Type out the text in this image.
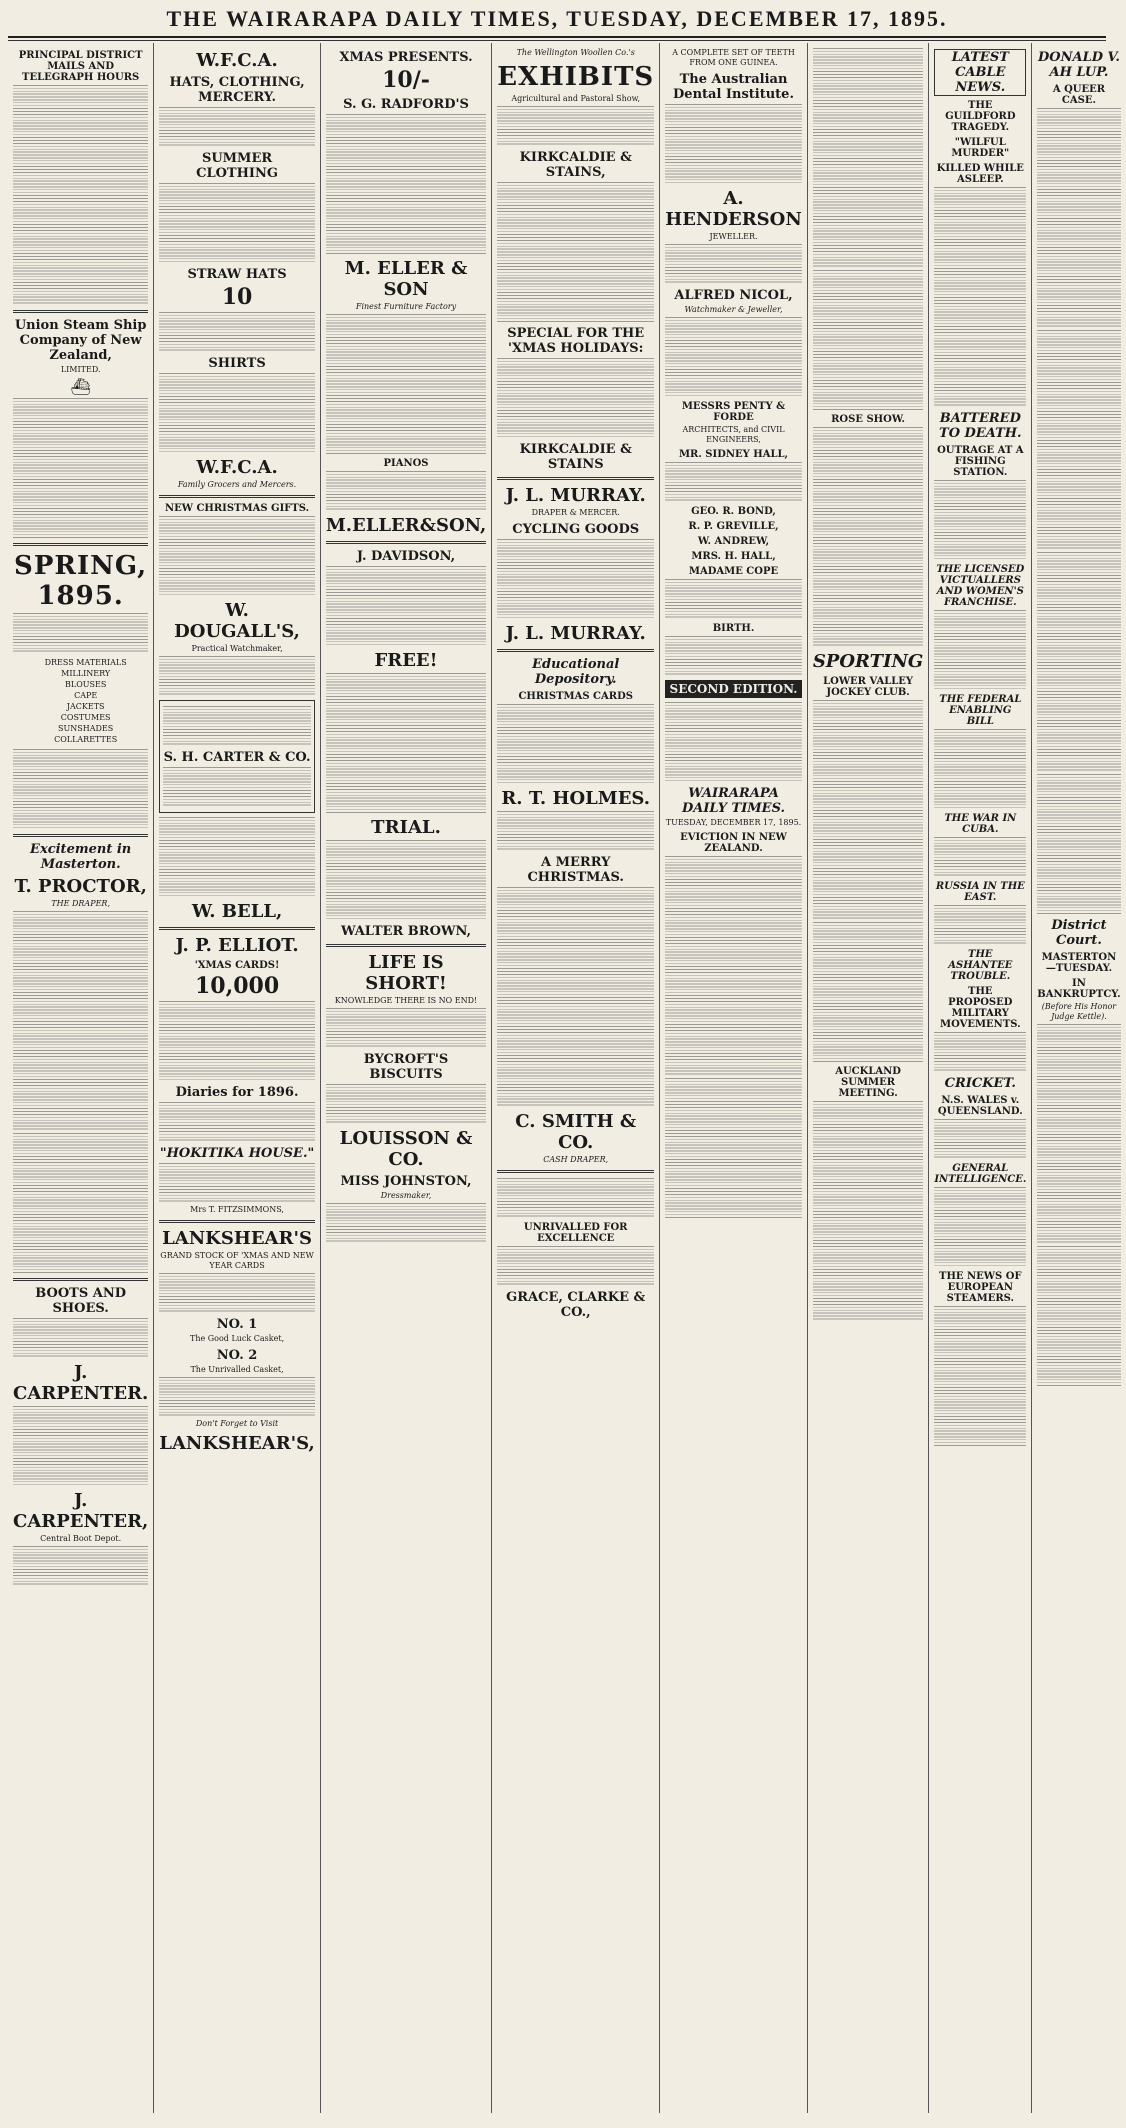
THE WAIRARAPA DAILY TIMES, TUESDAY, DECEMBER 17, 1895.
PRINCIPAL DISTRICT MAILS AND TELEGRAPH HOURS
Union Steam Ship Company of New Zealand,
LIMITED.
⛴
SPRING, 1895.
DRESS MATERIALS
MILLINERY
BLOUSES
CAPE
JACKETS
COSTUMES
SUNSHADES
COLLARETTES
Excitement in Masterton.
T. PROCTOR,
THE DRAPER,
BOOTS AND SHOES.
J. CARPENTER.
J. CARPENTER,
Central Boot Depot.
W.F.C.A.
HATS, CLOTHING, MERCERY.
SUMMER CLOTHING
STRAW HATS
10
SHIRTS
W.F.C.A.
Family Grocers and Mercers.
NEW CHRISTMAS GIFTS.
W. DOUGALL'S,
Practical Watchmaker,
S. H. CARTER & CO.
W. BELL,
J. P. ELLIOT.
'XMAS CARDS!
10,000
Diaries for 1896.
"HOKITIKA HOUSE."
Mrs T. FITZSIMMONS,
LANKSHEAR'S
GRAND STOCK OF 'XMAS AND NEW YEAR CARDS
NO. 1
The Good Luck Casket,
NO. 2
The Unrivalled Casket,
Don't Forget to Visit
LANKSHEAR'S,
XMAS PRESENTS.
10/-
S. G. RADFORD'S
M. ELLER & SON
Finest Furniture Factory
PIANOS
M.ELLER&SON,
J. DAVIDSON,
FREE!
TRIAL.
WALTER BROWN,
LIFE IS SHORT!
KNOWLEDGE THERE IS NO END!
BYCROFT'S BISCUITS
LOUISSON & CO.
MISS JOHNSTON,
Dressmaker,
The Wellington Woollen Co.'s
EXHIBITS
Agricultural and Pastoral Show,
KIRKCALDIE & STAINS,
SPECIAL FOR THE 'XMAS HOLIDAYS:
KIRKCALDIE & STAINS
J. L. MURRAY.
DRAPER & MERCER.
CYCLING GOODS
J. L. MURRAY.
Educational Depository.
CHRISTMAS CARDS
R. T. HOLMES.
A MERRY CHRISTMAS.
C. SMITH & CO.
CASH DRAPER,
UNRIVALLED FOR EXCELLENCE
GRACE, CLARKE & CO.,
A COMPLETE SET OF TEETH FROM ONE GUINEA.
The Australian Dental Institute.
A. HENDERSON
JEWELLER.
ALFRED NICOL,
Watchmaker & Jeweller,
MESSRS PENTY & FORDE
ARCHITECTS, and CIVIL ENGINEERS,
MR. SIDNEY HALL,
GEO. R. BOND,
R. P. GREVILLE,
W. ANDREW,
MRS. H. HALL,
MADAME COPE
BIRTH.
SECOND EDITION.
WAIRARAPA DAILY TIMES.
TUESDAY, DECEMBER 17, 1895.
EVICTION IN NEW ZEALAND.
ROSE SHOW.
SPORTING
LOWER VALLEY JOCKEY CLUB.
AUCKLAND SUMMER MEETING.
LATEST CABLE NEWS.
THE GUILDFORD TRAGEDY.
"WILFUL MURDER"
KILLED WHILE ASLEEP.
BATTERED TO DEATH.
OUTRAGE AT A FISHING STATION.
THE LICENSED VICTUALLERS AND WOMEN'S FRANCHISE.
THE FEDERAL ENABLING BILL
THE WAR IN CUBA.
RUSSIA IN THE EAST.
THE ASHANTEE TROUBLE.
THE PROPOSED MILITARY MOVEMENTS.
CRICKET.
N.S. WALES v. QUEENSLAND.
GENERAL INTELLIGENCE.
THE NEWS OF EUROPEAN STEAMERS.
DONALD V. AH LUP.
A QUEER CASE.
District Court.
MASTERTON—TUESDAY.
IN BANKRUPTCY.
(Before His Honor Judge Kettle).
